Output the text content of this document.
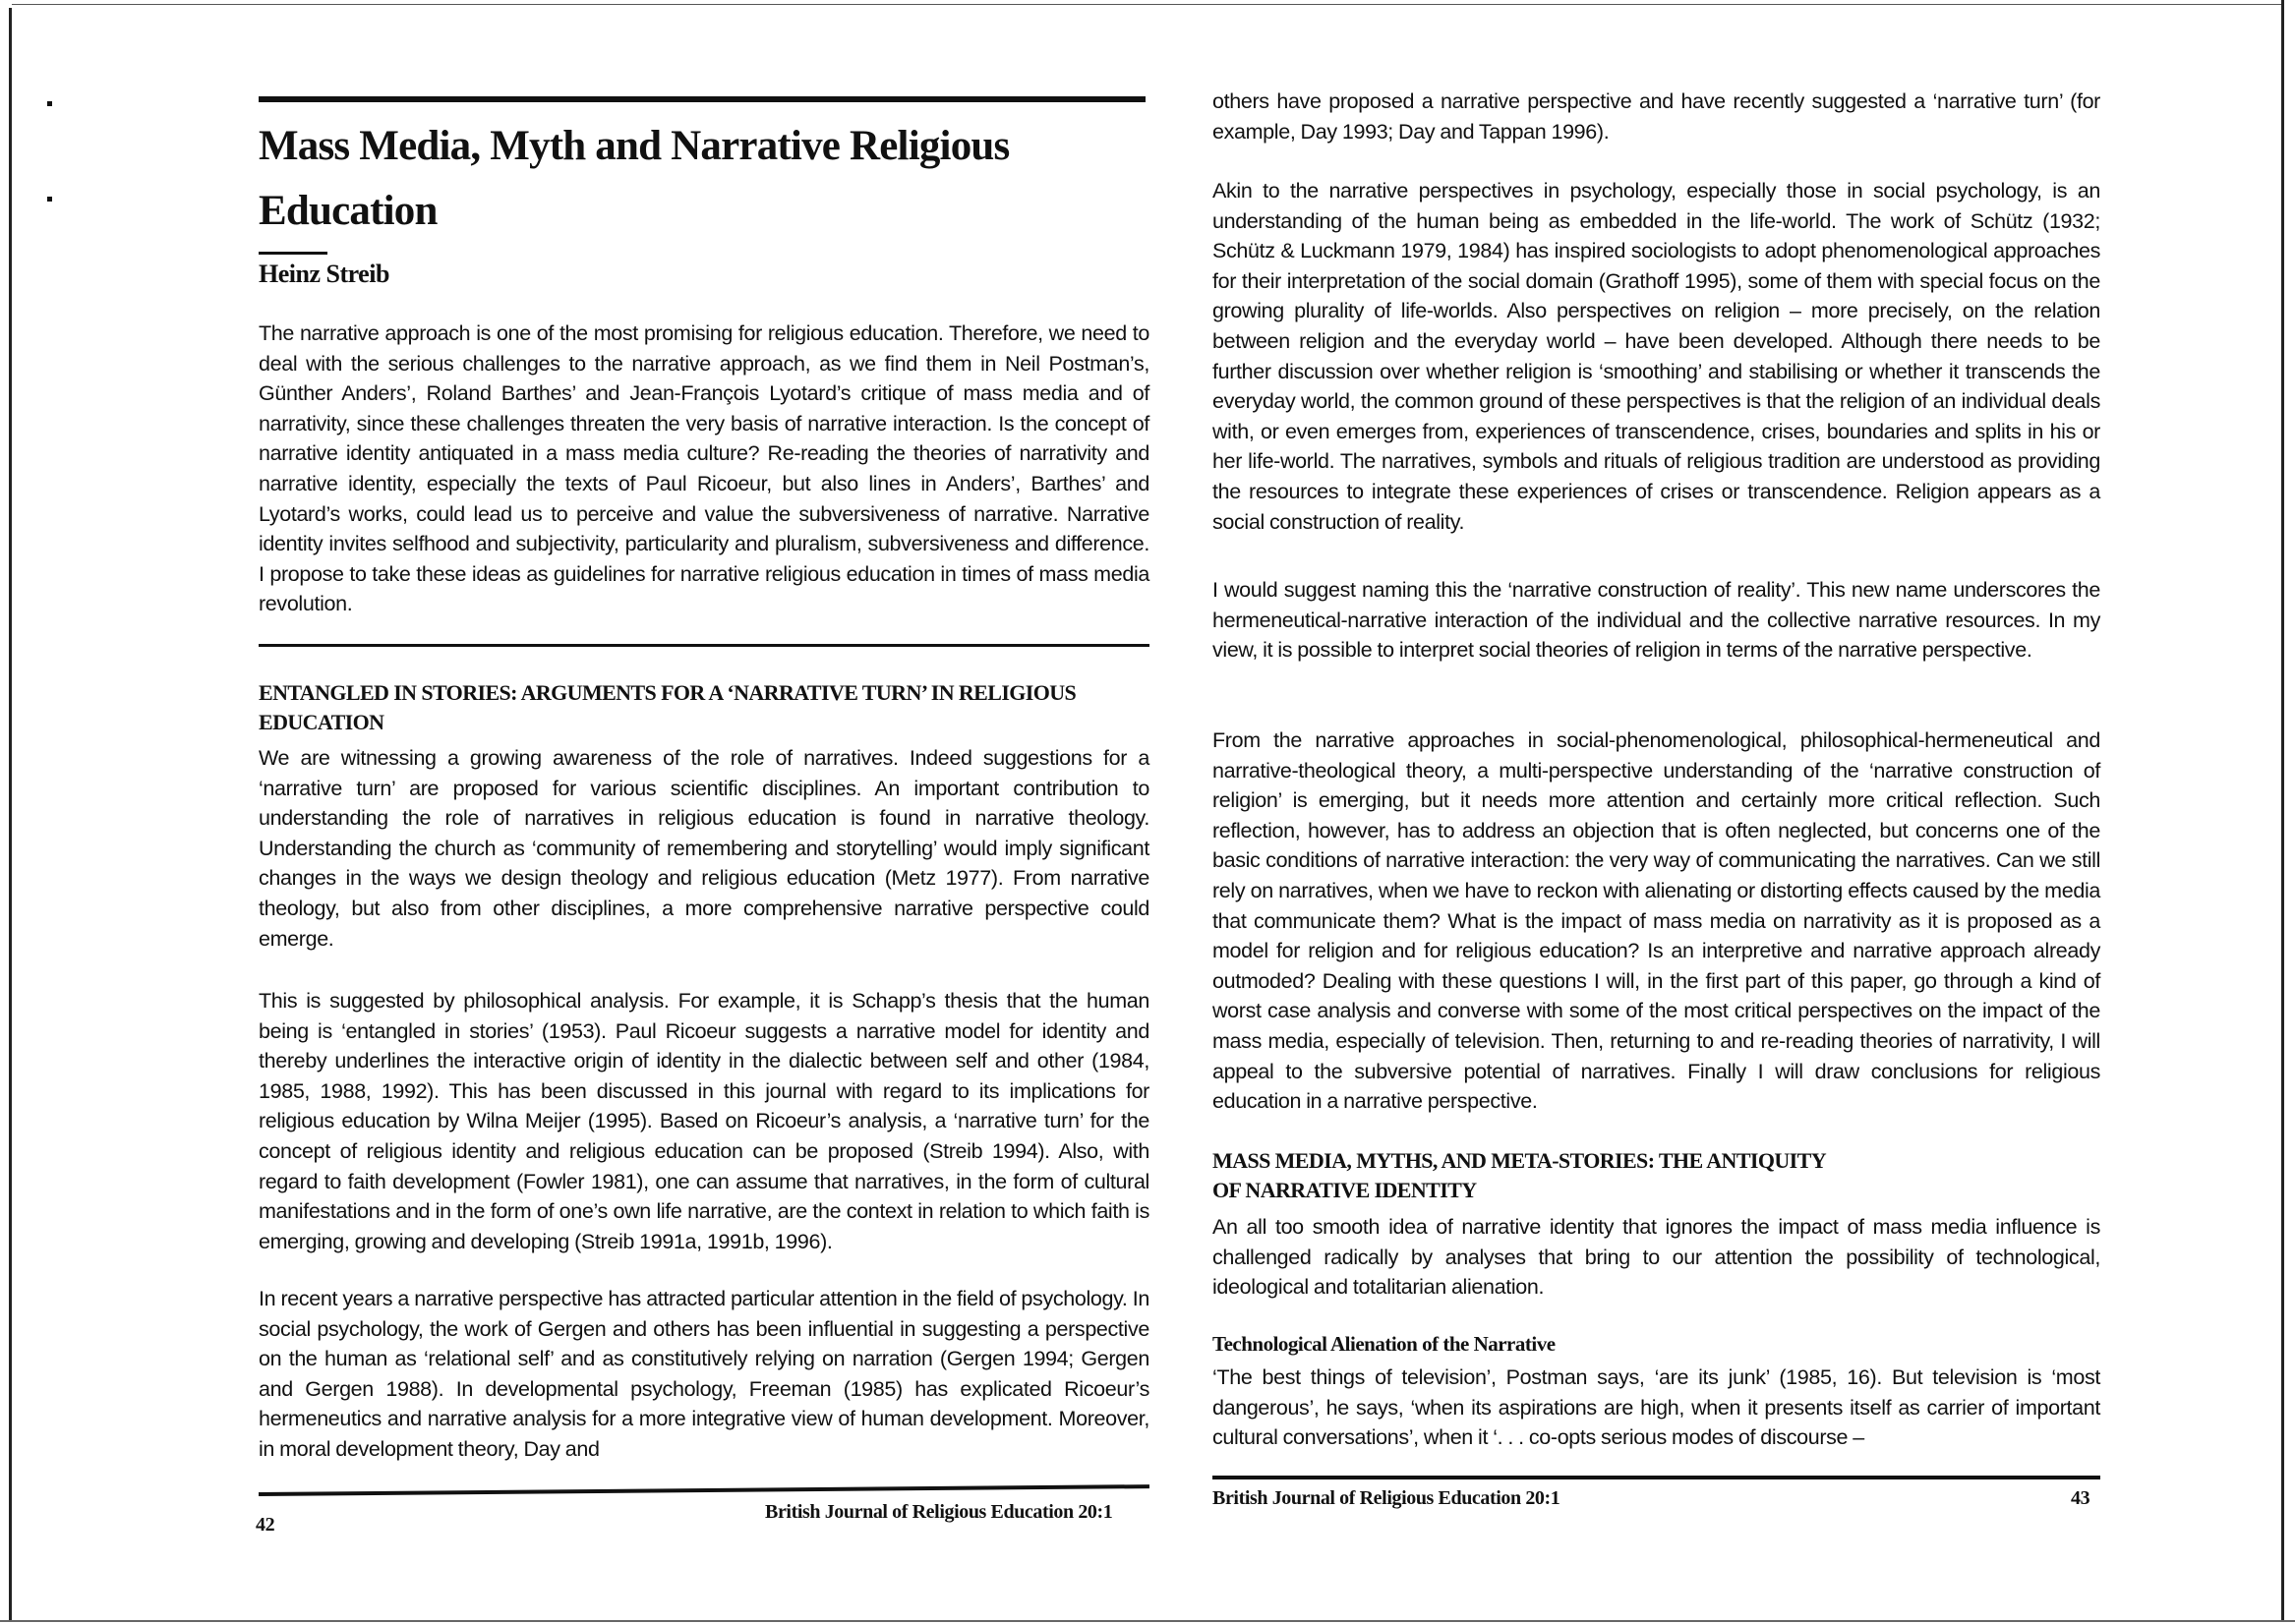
Mass Media, Myth and Narrative Religious Education
Heinz Streib

The narrative approach is one of the most promising for religious education. Therefore, we need to deal with the serious challenges to the narrative approach, as we find them in Neil Postman’s, Günther Anders’, Roland Barthes’ and Jean-François Lyotard’s critique of mass media and of narrativity, since these challenges threaten the very basis of narrative interaction. Is the concept of narrative identity antiquated in a mass media culture? Re-reading the theories of narrativity and narrative identity, especially the texts of Paul Ricoeur, but also lines in Anders’, Barthes’ and Lyotard’s works, could lead us to perceive and value the subversiveness of narrative. Narrative identity invites selfhood and subjectivity, particularity and pluralism, subversiveness and difference. I propose to take these ideas as guidelines for narrative religious education in times of mass media revolution.

ENTANGLED IN STORIES: ARGUMENTS FOR A ‘NARRATIVE TURN’ IN RELIGIOUS EDUCATION

We are witnessing a growing awareness of the role of narratives. Indeed suggestions for a ‘narrative turn’ are proposed for various scientific disciplines. An important contribution to understanding the role of narratives in religious education is found in narrative theology. Understanding the church as ‘community of remembering and storytelling’ would imply significant changes in the ways we design theology and religious education (Metz 1977). From narrative theology, but also from other disciplines, a more comprehensive narrative perspective could emerge.

This is suggested by philosophical analysis. For example, it is Schapp’s thesis that the human being is ‘entangled in stories’ (1953). Paul Ricoeur suggests a narrative model for identity and thereby underlines the interactive origin of identity in the dialectic between self and other (1984, 1985, 1988, 1992). This has been discussed in this journal with regard to its implications for religious education by Wilna Meijer (1995). Based on Ricoeur’s analysis, a ‘narrative turn’ for the concept of religious identity and religious education can be proposed (Streib 1994). Also, with regard to faith development (Fowler 1981), one can assume that narratives, in the form of cultural manifestations and in the form of one’s own life narrative, are the context in relation to which faith is emerging, growing and developing (Streib 1991a, 1991b, 1996).

In recent years a narrative perspective has attracted particular attention in the field of psychology. In social psychology, the work of Gergen and others has been influential in suggesting a perspective on the human as ‘relational self’ and as constitutively relying on narration (Gergen 1994; Gergen and Gergen 1988). In developmental psychology, Freeman (1985) has explicated Ricoeur’s hermeneutics and narrative analysis for a more integrative view of human development. Moreover, in moral development theory, Day and

42
British Journal of Religious Education 20:1

others have proposed a narrative perspective and have recently suggested a ‘narrative turn’ (for example, Day 1993; Day and Tappan 1996).

Akin to the narrative perspectives in psychology, especially those in social psychology, is an understanding of the human being as embedded in the life-world. The work of Schütz (1932; Schütz & Luckmann 1979, 1984) has inspired sociologists to adopt phenomenological approaches for their interpretation of the social domain (Grathoff 1995), some of them with special focus on the growing plurality of life-worlds. Also perspectives on religion – more precisely, on the relation between religion and the everyday world – have been developed. Although there needs to be further discussion over whether religion is ‘smoothing’ and stabilising or whether it transcends the everyday world, the common ground of these perspectives is that the religion of an individual deals with, or even emerges from, experiences of transcendence, crises, boundaries and splits in his or her life-world. The narratives, symbols and rituals of religious tradition are understood as providing the resources to integrate these experiences of crises or transcendence. Religion appears as a social construction of reality.

I would suggest naming this the ‘narrative construction of reality’. This new name underscores the hermeneutical-narrative interaction of the individual and the collective narrative resources. In my view, it is possible to interpret social theories of religion in terms of the narrative perspective.

From the narrative approaches in social-phenomenological, philosophical-hermeneutical and narrative-theological theory, a multi-perspective understanding of the ‘narrative construction of religion’ is emerging, but it needs more attention and certainly more critical reflection. Such reflection, however, has to address an objection that is often neglected, but concerns one of the basic conditions of narrative interaction: the very way of communicating the narratives. Can we still rely on narratives, when we have to reckon with alienating or distorting effects caused by the media that communicate them? What is the impact of mass media on narrativity as it is proposed as a model for religion and for religious education? Is an interpretive and narrative approach already outmoded? Dealing with these questions I will, in the first part of this paper, go through a kind of worst case analysis and converse with some of the most critical perspectives on the impact of the mass media, especially of television. Then, returning to and re-reading theories of narrativity, I will appeal to the subversive potential of narratives. Finally I will draw conclusions for religious education in a narrative perspective.

MASS MEDIA, MYTHS, AND META-STORIES: THE ANTIQUITY
OF NARRATIVE IDENTITY

An all too smooth idea of narrative identity that ignores the impact of mass media influence is challenged radically by analyses that bring to our attention the possibility of technological, ideological and totalitarian alienation.

Technological Alienation of the Narrative

‘The best things of television’, Postman says, ‘are its junk’ (1985, 16). But television is ‘most dangerous’, he says, ‘when its aspirations are high, when it presents itself as carrier of important cultural conversations’, when it ‘. . . co-opts serious modes of discourse –

British Journal of Religious Education 20:1	43
